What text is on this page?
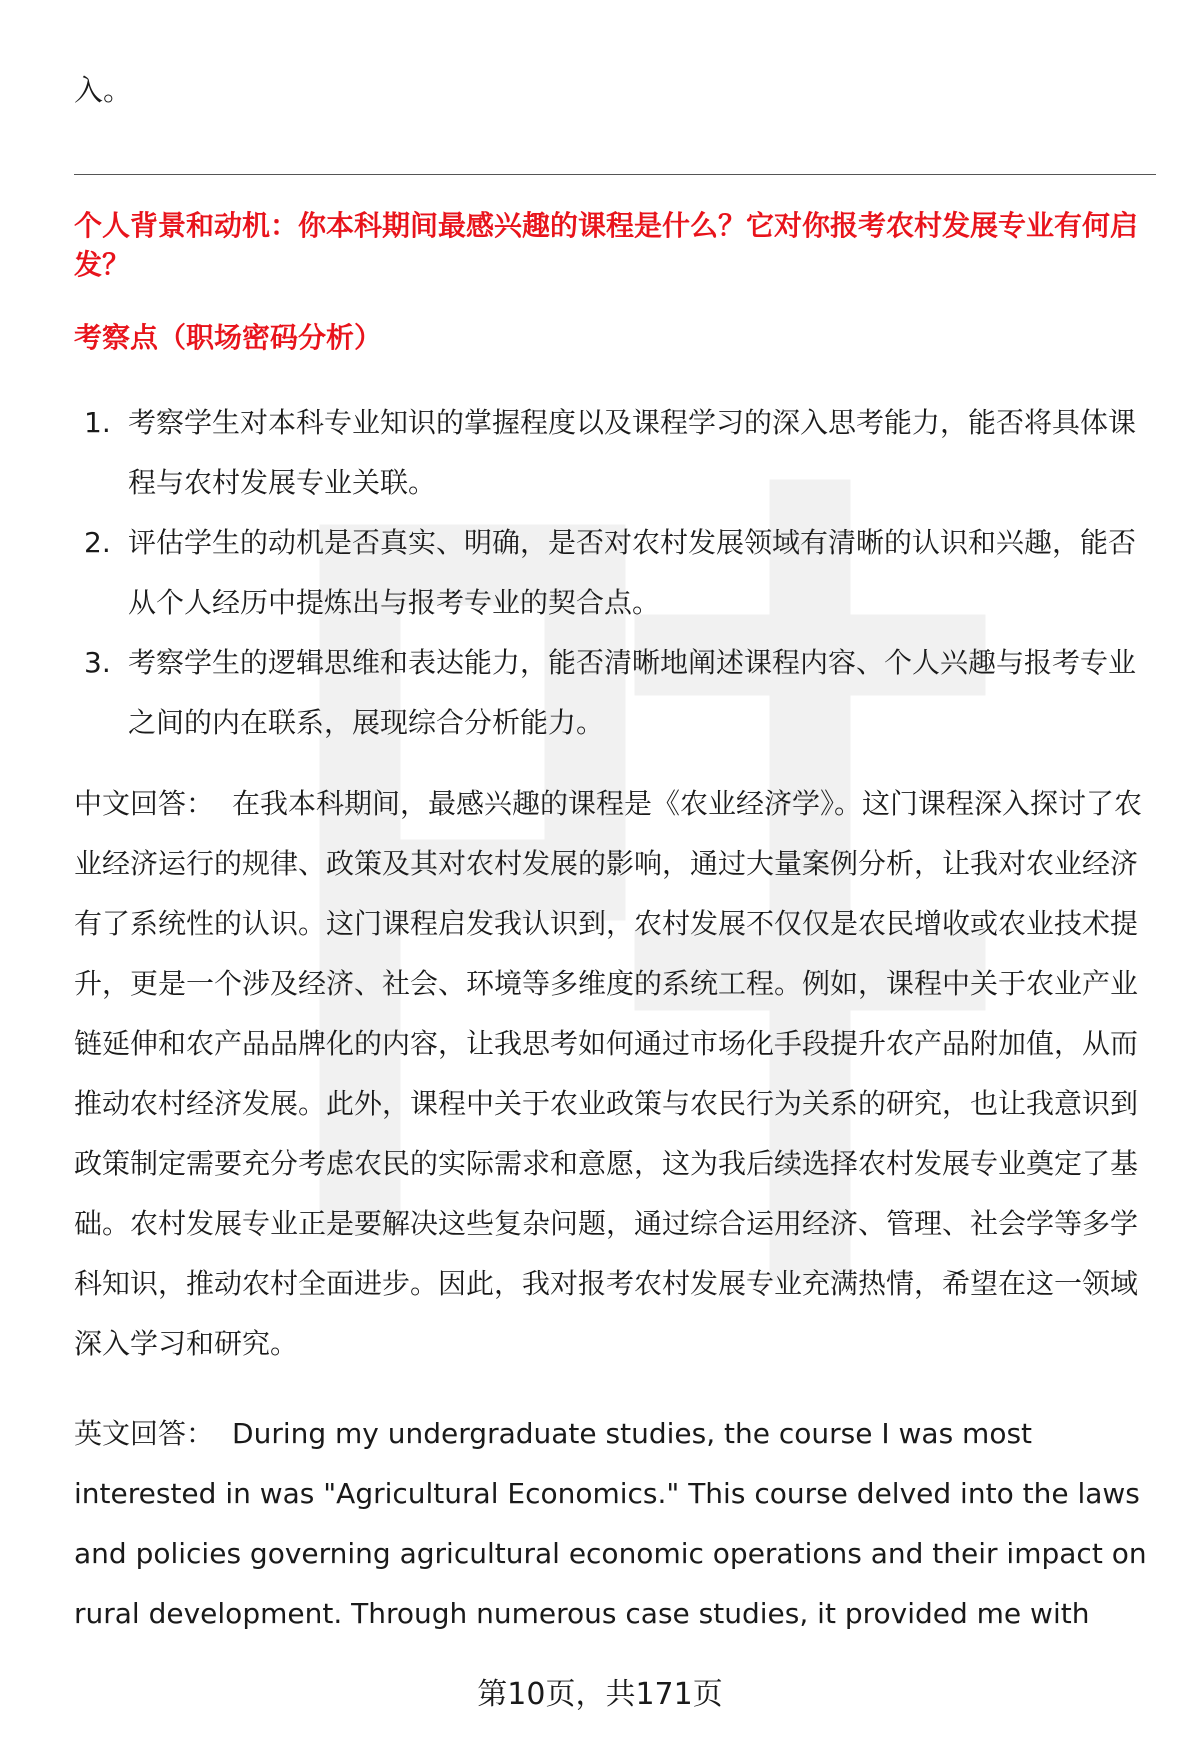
入。
个人背景和动机：你本科期间最感兴趣的课程是什么？它对你报考农村发展专业有何启发？
考察点（职场密码分析）
1. 考察学生对本科专业知识的掌握程度以及课程学习的深入思考能力，能否将具体课程与农村发展专业关联。
2. 评估学生的动机是否真实、明确，是否对农村发展领域有清晰的认识和兴趣，能否从个人经历中提炼出与报考专业的契合点。
3. 考察学生的逻辑思维和表达能力，能否清晰地阐述课程内容、个人兴趣与报考专业之间的内在联系，展现综合分析能力。
中文回答： 在我本科期间，最感兴趣的课程是《农业经济学》。这门课程深入探讨了农业经济运行的规律、政策及其对农村发展的影响，通过大量案例分析，让我对农业经济有了系统性的认识。这门课程启发我认识到，农村发展不仅仅是农民增收或农业技术提升，更是一个涉及经济、社会、环境等多维度的系统工程。例如，课程中关于农业产业链延伸和农产品品牌化的内容，让我思考如何通过市场化手段提升农产品附加值，从而推动农村经济发展。此外，课程中关于农业政策与农民行为关系的研究，也让我意识到政策制定需要充分考虑农民的实际需求和意愿，这为我后续选择农村发展专业奠定了基础。农村发展专业正是要解决这些复杂问题，通过综合运用经济、管理、社会学等多学科知识，推动农村全面进步。因此，我对报考农村发展专业充满热情，希望在这一领域深入学习和研究。
英文回答： During my undergraduate studies, the course I was most interested in was "Agricultural Economics." This course delved into the laws and policies governing agricultural economic operations and their impact on rural development. Through numerous case studies, it provided me with
第10页，共171页
